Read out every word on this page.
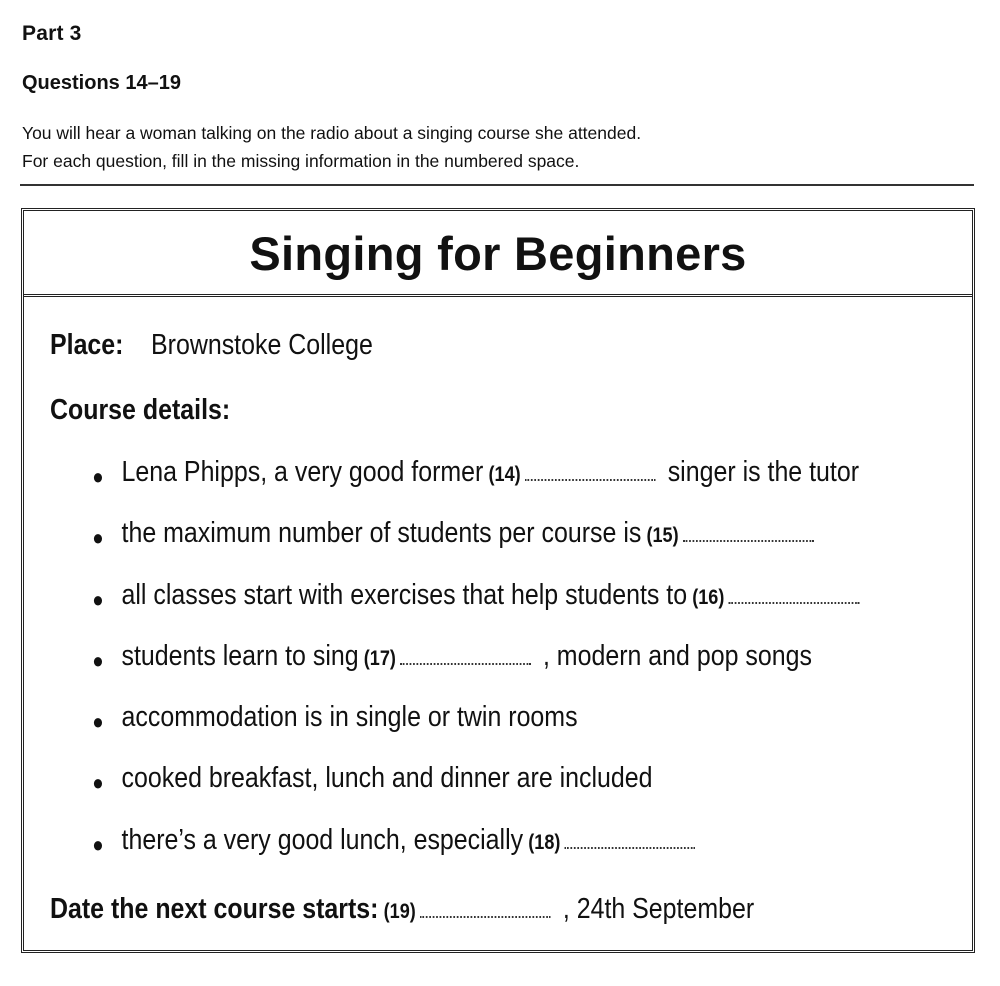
Part 3
Questions 14–19
You will hear a woman talking on the radio about a singing course she attended.
For each question, fill in the missing information in the numbered space.
Singing for Beginners
Place: Brownstoke College
Course details:
● Lena Phipps, a very good former (14)	singer is the tutor
● the maximum number of students per course is (15)
● all classes start with exercises that help students to (16)
● students learn to sing (17)	, modern and pop songs
● accommodation is in single or twin rooms
● cooked breakfast, lunch and dinner are included
● there’s a very good lunch, especially (18)
Date the next course starts: (19)	, 24th September
